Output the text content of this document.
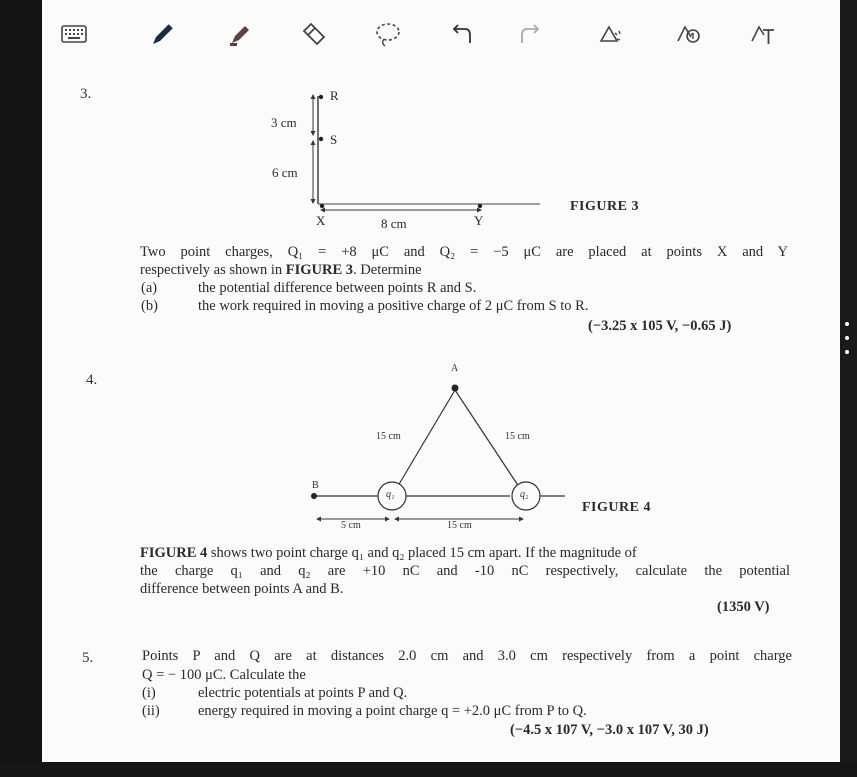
3.	R
S
3 cm
6 cm
X	8 cm	Y
FIGURE 3
Two point charges, Q₁ = +8 μC and Q₂ = −5 μC are placed at points X and Y
respectively as shown in FIGURE 3. Determine
(a)	the potential difference between points R and S.
(b)	the work required in moving a positive charge of 2 μC from S to R.
(−3.25 x 105 V, −0.65 J)
4.
A
15 cm	15 cm
B
q₁	q₂
5 cm	15 cm
FIGURE 4
FIGURE 4 shows two point charge q₁ and q₂ placed 15 cm apart. If the magnitude of
the charge q₁ and q₂ are +10 nC and -10 nC respectively, calculate the potential
difference between points A and B.
(1350 V)
5.	Points P and Q are at distances 2.0 cm and 3.0 cm respectively from a point charge
Q = − 100 μC. Calculate the
(i)	electric potentials at points P and Q.
(ii)	energy required in moving a point charge q = +2.0 μC from P to Q.
(−4.5 x 107 V, −3.0 x 107 V, 30 J)
